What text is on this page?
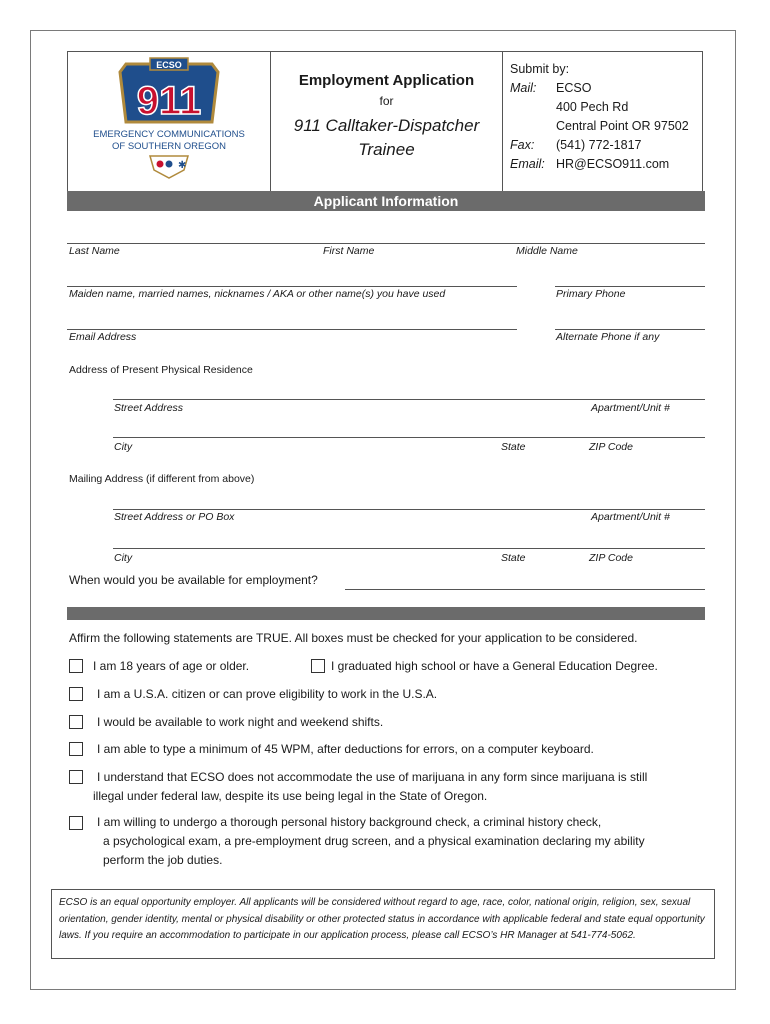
ECSO
911
EMERGENCY COMMUNICATIONS
OF SOUTHERN OREGON
✱
Employment Application
for
911 Calltaker-Dispatcher
Trainee
Submit by:
Mail: ECSO
400 Pech Rd
Central Point OR 97502
Fax: (541) 772-1817
Email: HR@ECSO911.com
Applicant Information
Last Name	First Name	Middle Name
Maiden name, married names, nicknames / AKA or other name(s) you have used	Primary Phone
Email Address	Alternate Phone if any
Address of Present Physical Residence
Street Address	Apartment/Unit #
City	State	ZIP Code
Mailing Address (if different from above)
Street Address or PO Box	Apartment/Unit #
City	State	ZIP Code
When would you be available for employment?
Affirm the following statements are TRUE. All boxes must be checked for your application to be considered.
I am 18 years of age or older.	I graduated high school or have a General Education Degree.
I am a U.S.A. citizen or can prove eligibility to work in the U.S.A.
I would be available to work night and weekend shifts.
I am able to type a minimum of 45 WPM, after deductions for errors, on a computer keyboard.
I understand that ECSO does not accommodate the use of marijuana in any form since marijuana is still
illegal under federal law, despite its use being legal in the State of Oregon.
I am willing to undergo a thorough personal history background check, a criminal history check,
a psychological exam, a pre-employment drug screen, and a physical examination declaring my ability
perform the job duties.
ECSO is an equal opportunity employer. All applicants will be considered without regard to age, race, color, national origin, religion, sex, sexual orientation, gender identity, mental or physical disability or other protected status in accordance with applicable federal and state equal opportunity laws. If you require an accommodation to participate in our application process, please call ECSO’s HR Manager at 541-774-5062.
